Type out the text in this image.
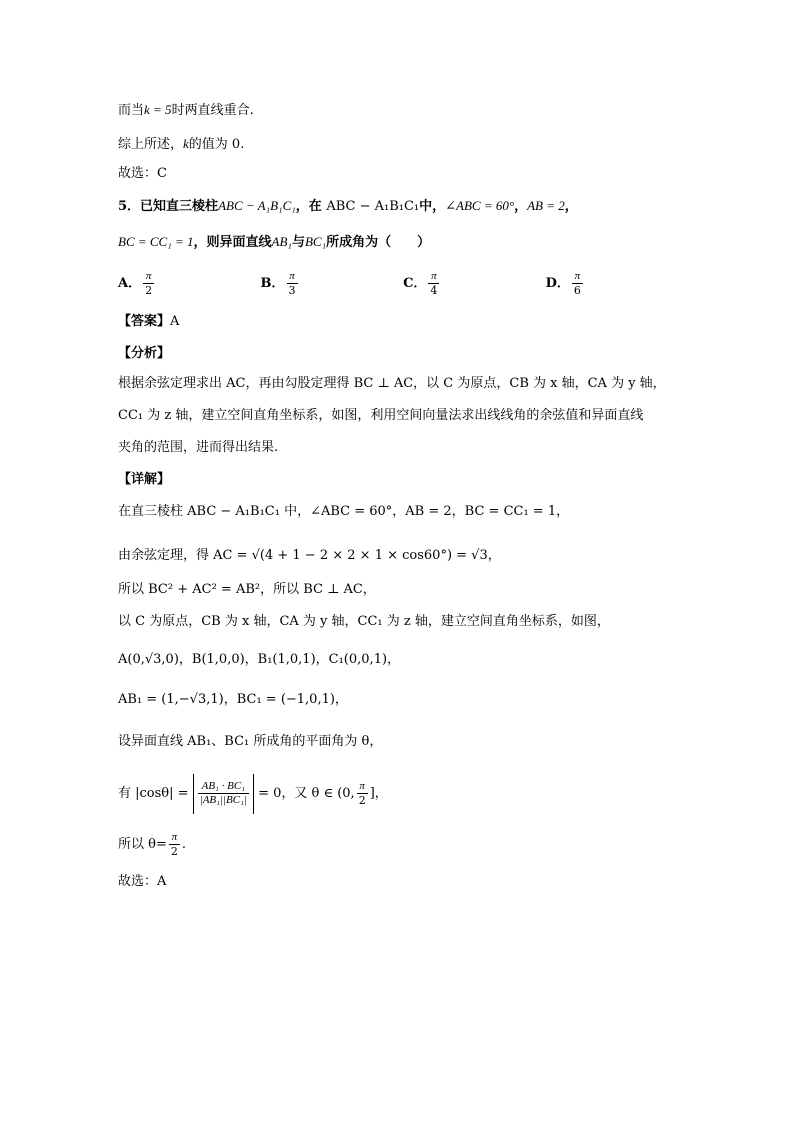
而当k = 5时两直线重合.
综上所述，k的值为 0.
故选：C
5．已知直三棱柱ABC − A₁B₁C₁，在 ABC − A₁B₁C₁中，∠ABC = 60°，AB = 2，
BC = CC₁ = 1，则异面直线AB₁与BC₁所成角为（　　）
A． $\frac{\pi}{2}$	B． $\frac{\pi}{3}$	C． $\frac{\pi}{4}$	D． $\frac{\pi}{6}$
【答案】A
【分析】
根据余弦定理求出 AC，再由勾股定理得 BC ⊥ AC，以 C 为原点，CB 为 x 轴，CA 为 y 轴，
CC₁ 为 z 轴，建立空间直角坐标系，如图，利用空间向量法求出线线角的余弦值和异面直线
夹角的范围，进而得出结果.
【详解】
在直三棱柱 ABC − A₁B₁C₁ 中，∠ABC = 60°，AB = 2，BC = CC₁ = 1，
由余弦定理，得 AC = √(4 + 1 − 2 × 2 × 1 × cos60°) = √3，
所以 BC² + AC² = AB²，所以 BC ⊥ AC，
以 C 为原点，CB 为 x 轴，CA 为 y 轴，CC₁ 为 z 轴，建立空间直角坐标系，如图，
A(0,√3,0)，B(1,0,0)，B₁(1,0,1)，C₁(0,0,1)，
AB₁ = (1,−√3,1)，BC₁ = (−1,0,1)，
设异面直线 AB₁、BC₁ 所成角的平面角为 θ，
有 $|\cos\theta| = \frac{\text{AB₁ · BC₁}}{\text{|AB₁||BC₁|}} = 0$，又 θ ∈ (0, $\frac{\pi}{2}$ ]，
所以 $\theta= \frac{\pi}{2}$ .
故选：A
